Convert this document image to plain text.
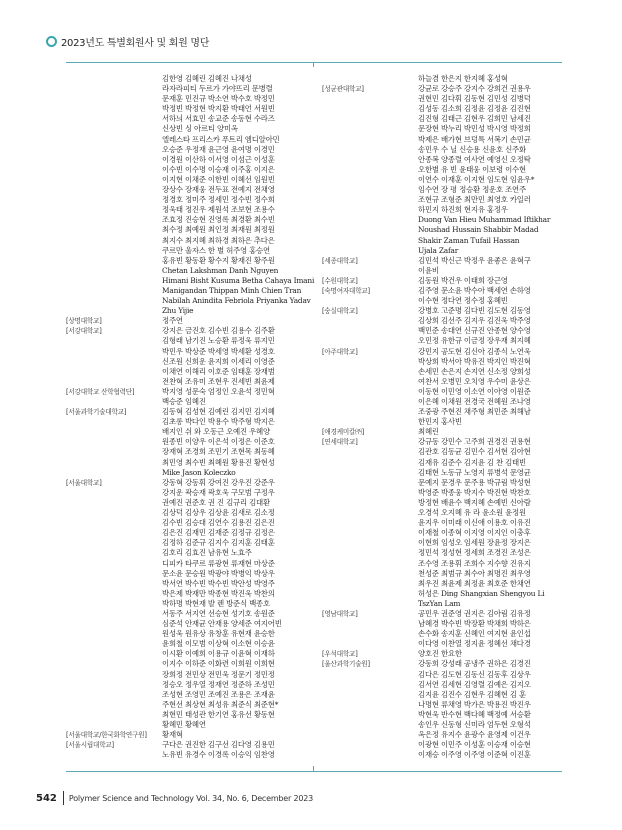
2023년도 특별회원사 및 회원 명단
김한영 김혜린 김혜진 나채성
라자라피티 두르가 가야뜨리 문병렬
문재훈 민진규 박소연 박수호 박정민
박정빈 박정현 박지환 박태언 서원빈
서하늬 서효민 송교준 송동현 수라즈
신상빈 싱 아르티 양미옥
엘레스타 프리스카 푸트리 엠디알아민
오승준 우정재 윤근영 윤여명 이경민
이경원 이산하 이서영 이섬근 이성훈
이수빈 이수명 이승재 이주홍 이지은
이지현 이채준 이한빈 이혜선 임원빈
장상수 장재웅 전두표 전예지 전채영
정경호 정미주 정세민 정수빈 정수희
정욱태 정진우 제원석 조보현 조용수
조효정 진승현 진영록 최경환 최수빈
최수정 최예원 최인정 최재원 최정원
최지수 최지혜 최하경 최하은 추다은
쿠르만 울자스 한 별 허주영 홍승연
홍유빈 황동환 황수지 황재진 황주원
Chetan Lakshman Danh Nguyen
Himani Bisht Kusuma Betha Cahaya Imani
Manigandan Thippan Minh Chien Tran
Nabilah Anindita Febriola Priyanka Yadav
Zhu Yijie
[상명대학교]	정주연
[서강대학교]	강지은 금진호 김수빈 김용수 김주환
김형래 남기진 노승환 류정욱 류지민
박민우 박상준 박세영 박세환 성경호
신조원 신희운 윤지희 이세리 이영준
이채연 이해리 이호준 임태훈 장재범
전찬혁 조유미 조현우 진세빈 최윤제
[서강대학교 산학협력단]	박지영 성문숙 엄정인 오윤석 정민혁
백승준 임혜진
[서울과학기술대학교]	김동혁 김성현 김예린 김지민 김지혜
김초롱 박다인 박용수 박주형 박지은
배지인 쉬 와 오동근 오예진 우혜양
원종빈 이양우 이은석 이정은 이준호
장재혁 조경희 조민기 조현목 최동혜
최민영 최수빈 최혜원 황용진 황현성
Mike Jason Koleczko
[서울대학교]	강동혁 강동휘 강여진 강우진 강준우
강지운 곽승재 곽호욱 구모범 구정우
권예진 권준호 권 진 김규리 김대환
김상덕 김상우 김상윤 김새로 김소정
김수빈 김승대 김연수 김용진 김은진
김은진 김재민 김재준 김정규 김정은
김정하 김준규 김지수 김지훈 김태훈
김호리 김효진 남유현 노효주
디피카 타쿠르 류광현 류재현 마상준
문소윤 문승원 박광야 박병익 박상우
박서연 박수빈 박수빈 박안성 박영주
박은제 박재만 박종현 박진욱 박찬의
박하명 박현재 발 렌 방준식 백종호
서동주 서지연 선승현 성기호 송원준
심준석 안재균 안재용 양세준 여지어빈
원성욱 원유상 유창훈 유현재 윤승한
윤희철 이모범 이상혁 이소현 이승윤
이시환 이예희 이용규 이윤혁 이재하
이지수 이하준 이화련 이희원 이희현
장희정 전민상 전민욱 정문기 정민정
정승오 정우열 정재연 정준하 조성민
조성현 조영민 조예진 조용은 조재윤
주현선 최상현 최성유 최준식 최준현*
최현민 태성관 한기연 홍유선 황동현
황혜민 황혜연
[서울대학교/한국화학연구원]	황재혁
[서울시립대학교]	구다은 권진한 김구선 김다영 김용민
노유빈 유경수 이경록 이승익 임찬영
하늘겸 한은지 한지혜 홍성혁
[성균관대학교]	강균로 강승주 강지수 강희건 권용우
권현민 김다휘 김동현 김민성 김병덕
김성동 김소희 김정윤 김정윤 김진현
김진형 김태근 김현우 김희민 남세진
문장현 박누리 박민성 박시영 박정희
박제은 배가현 브덩특 서복기 손민균
송민우 수 닐 신승용 신윤호 신주화
안종복 양종렬 여사연 예영신 오정탁
오한별 유 빈 윤태웅 이보령 이수현
이연수 이재훈 이지현 임도현 임윤우*
임수연 장 평 정승환 정운호 조연주
조현규 조형준 최만민 최영호 카일러
하민지 하진희 현지유 홍정우
Duong Van Hieu Muhammad Iftikhar
Noushad Hussain Shabbir Madad
Shakir Zaman Tufail Hassan
Ujala Zafar
[세종대학교]	김민석 박신근 박정우 윤좋은 윤혁구
이윤비
[수원대학교]	김동원 박건우 이태희 장근영
[숙명여자대학교]	김주영 문소윤 박수아 백세연 손하영
이수현 정다연 정수정 홍혜빈
[숭실대학교]	강병호 고준명 김다빈 김도현 김동영
김상희 김선주 김지우 김진욱 박주영
백민준 송대연 신규진 안종현 양수영
오민정 유한규 이금정 장우재 최지혜
[아주대학교]	강민지 공도현 김신아 김종식 노연욱
박상희 박서아 박유진 박지인 박진혁
손세민 손은지 손지연 신소정 양희성
여찬서 오병민 오치영 우수미 윤상은
이동현 이민영 이소연 이아영 이원준
이은혜 이채원 전경국 전혜원 조나영
조중광 주현진 채주형 최민준 최해남
한민지 홍사빈
[애경케미칼㈜]	최혜린
[연세대학교]	강규동 강민수 고주희 권경진 권용현
김관호 김동균 김민수 김서현 김아현
김재유 김준수 김지윤 김 찬 김태빈
김태현 노동규 노영지 류병석 문영균
문예지 문경우 문주용 박규림 박성현
박영준 박종웅 박지수 박진현 박찬호
방정현 배윤수 백지혜 손예빈 신아람
오경석 오지혜 유 라 윤소원 윤정원
윤지우 이미래 이신애 이용호 이유진
이재철 이종혁 이지영 이지인 이충후
이현희 임성오 임세원 장윤정 장지은
정민석 정성현 정세희 조경진 조성은
조수영 조용휘 조희수 지수향 진유지
천성준 최범규 최수아 최명진 최우영
최우진 최윤제 최정윤 최호준 한채연
허성은 Ding Shangxian Shengyou Li
TszYan Lam
[영남대학교]	공민우 권준영 권지은 김아림 김유정
남혜경 박수빈 박장환 박채희 박하은
손수화 송지훈 신혜인 여지현 윤인섭
이다영 이찬열 정지윤 정혜선 채다경
[우석대학교]	양호진 한요한
[울산과학기술원]	강동희 강성래 공냉주 권하은 김경진
김다은 김도현 김동신 김동후 김상우
김서연 김세현 김영렬 김예은 김지오
김지윤 김진수 김현우 김혜현 김 훈
나명현 류채영 박가은 박용진 박진우
박현욱 반수현 백다혜 백정예 서승환
송인우 신동형 신미라 엄두현 오형석
옥은정 유지수 윤광수 윤영제 이건우
이광현 이민주 이성훈 이승재 이승현
이재승 이주영 이주영 이준혁 이진훈
542 Polymer Science and Technology Vol. 34, No. 6, December 2023
